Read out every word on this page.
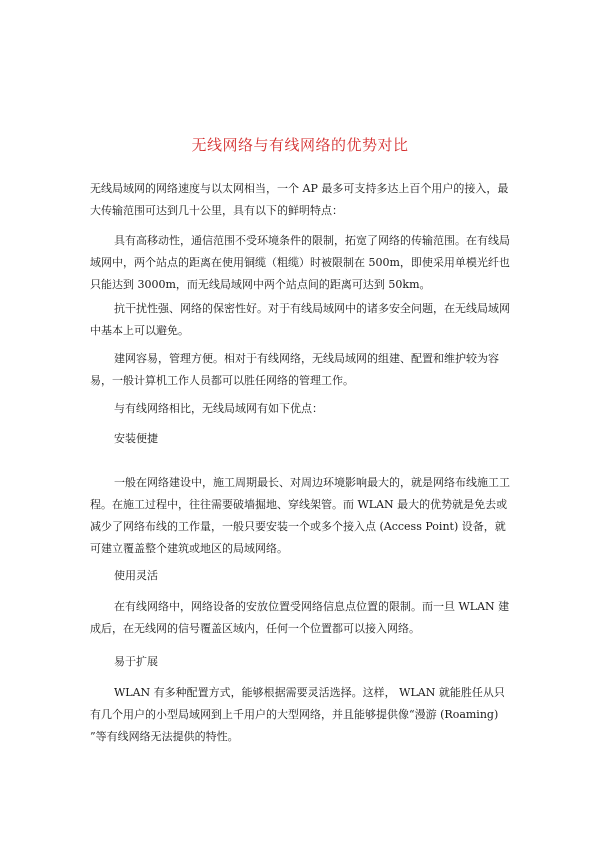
无线网络与有线网络的优势对比

无线局域网的网络速度与以太网相当，一个 AP 最多可支持多达上百个用户的接入，最大传输范围可达到几十公里，具有以下的鲜明特点：

具有高移动性，通信范围不受环境条件的限制，拓宽了网络的传输范围。在有线局域网中，两个站点的距离在使用铜缆（粗缆）时被限制在 500m，即使采用单模光纤也只能达到 3000m，而无线局域网中两个站点间的距离可达到 50km。

抗干扰性强、网络的保密性好。对于有线局域网中的诸多安全问题，在无线局域网中基本上可以避免。

建网容易，管理方便。相对于有线网络，无线局域网的组建、配置和维护较为容易，一般计算机工作人员都可以胜任网络的管理工作。

与有线网络相比，无线局域网有如下优点：

安装便捷

一般在网络建设中，施工周期最长、对周边环境影响最大的，就是网络布线施工工程。在施工过程中，往往需要破墙掘地、穿线架管。而 WLAN 最大的优势就是免去或减少了网络布线的工作量，一般只要安装一个或多个接入点 (Access Point) 设备，就可建立覆盖整个建筑或地区的局域网络。

使用灵活

在有线网络中，网络设备的安放位置受网络信息点位置的限制。而一旦 WLAN 建成后，在无线网的信号覆盖区域内，任何一个位置都可以接入网络。

易于扩展

WLAN 有多种配置方式，能够根据需要灵活选择。这样， WLAN 就能胜任从只有几个用户的小型局域网到上千用户的大型网络，并且能够提供像“漫游 (Roaming) ”等有线网络无法提供的特性。
